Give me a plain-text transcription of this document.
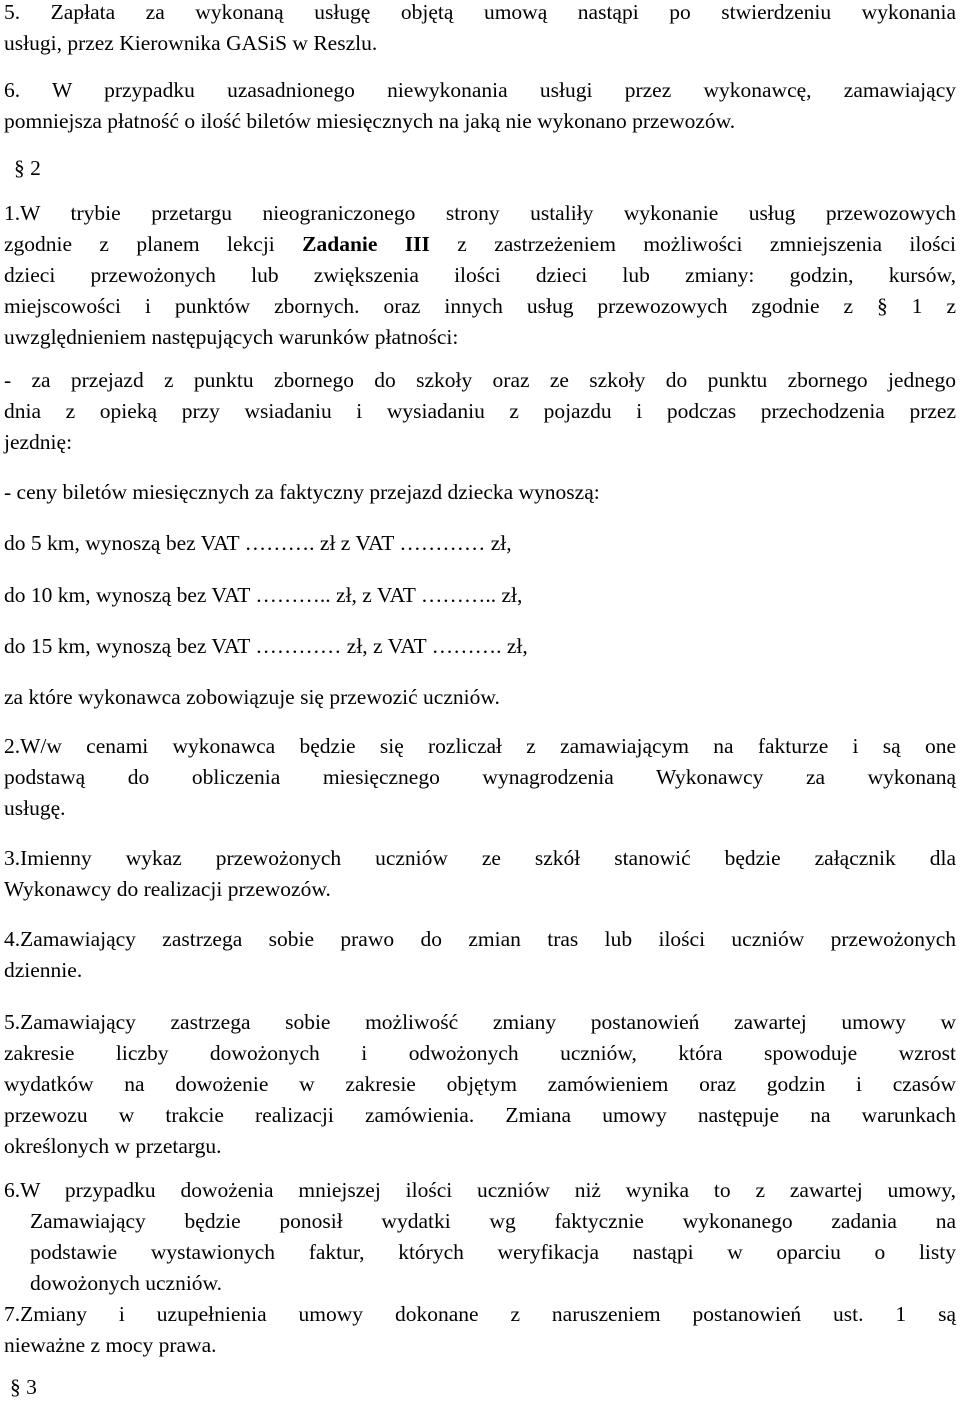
5. Zapłata za wykonaną usługę objętą umową nastąpi po stwierdzeniu wykonania
usługi, przez Kierownika GASiS w Reszlu.
6. W przypadku uzasadnionego niewykonania usługi przez wykonawcę, zamawiający
pomniejsza płatność o ilość biletów miesięcznych na jaką nie wykonano przewozów.
§ 2
1.W trybie przetargu nieograniczonego strony ustaliły wykonanie usług przewozowych
zgodnie z planem lekcji Zadanie III z zastrzeżeniem możliwości zmniejszenia ilości
dzieci przewożonych lub zwiększenia ilości dzieci lub zmiany: godzin, kursów,
miejscowości i punktów zbornych. oraz innych usług przewozowych zgodnie z § 1 z
uwzględnieniem następujących warunków płatności:
- za przejazd z punktu zbornego do szkoły oraz ze szkoły do punktu zbornego jednego
dnia z opieką przy wsiadaniu i wysiadaniu z pojazdu i podczas przechodzenia przez
jezdnię:
- ceny biletów miesięcznych za faktyczny przejazd dziecka wynoszą:
do 5 km, wynoszą bez VAT ………. zł z VAT ………… zł,
do 10 km, wynoszą bez VAT ……….. zł, z VAT ……….. zł,
do 15 km, wynoszą bez VAT ………… zł, z VAT ………. zł,
za które wykonawca zobowiązuje się przewozić uczniów.
2.W/w cenami wykonawca będzie się rozliczał z zamawiającym na fakturze i są one
podstawą do obliczenia miesięcznego wynagrodzenia Wykonawcy za wykonaną
usługę.
3.Imienny wykaz przewożonych uczniów ze szkół stanowić będzie załącznik dla
Wykonawcy do realizacji przewozów.
4.Zamawiający zastrzega sobie prawo do zmian tras lub ilości uczniów przewożonych
dziennie.
5.Zamawiający zastrzega sobie możliwość zmiany postanowień zawartej umowy w
zakresie liczby dowożonych i odwożonych uczniów, która spowoduje wzrost
wydatków na dowożenie w zakresie objętym zamówieniem oraz godzin i czasów
przewozu w trakcie realizacji zamówienia. Zmiana umowy następuje na warunkach
określonych w przetargu.
6.W przypadku dowożenia mniejszej ilości uczniów niż wynika to z zawartej umowy,
Zamawiający będzie ponosił wydatki wg faktycznie wykonanego zadania na
podstawie wystawionych faktur, których weryfikacja nastąpi w oparciu o listy
dowożonych uczniów.
7.Zmiany i uzupełnienia umowy dokonane z naruszeniem postanowień ust. 1 są
nieważne z mocy prawa.
§ 3
